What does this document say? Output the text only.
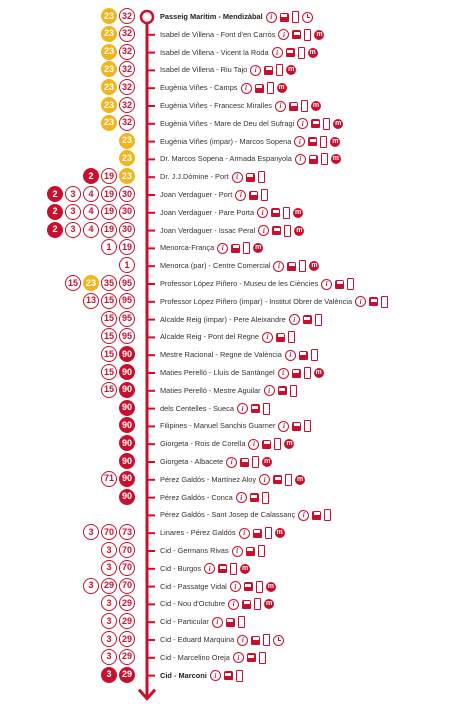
23 32	Passeig Marítim - Mendizàbal	i
23 32	Isabel de Villena - Font d'en Carròs	i	m
23 32	Isabel de Villena - Vicent la Roda	i	m
23 32	Isabel de Villena - Riu Tajo	i	m
23 32	Eugènia Viñes - Camps	i	m
23 32	Eugènia Viñes - Francesc Miralles	i	m
23 32	Eugènia Viñes - Mare de Deu del Sufragi	i	m
23	Eugènia Viñes (impar) - Marcos Sopena	i	m
23	Dr. Marcos Sopena - Armada Espanyola	i	m
2	19 23	Dr. J.J.Dòmine - Port	i
2	3	4	19 30	Joan Verdaguer - Port	i
2	3	4	19 30	Joan Verdaguer - Pare Porta	i	m
2	3	4	19 30	Joan Verdaguer - Issac Peral	i	m
1	19	Menorca-França	i	m
1	Menorca (par) - Centre Comercial	i	m
15 23 35 95	Professor López Piñero - Museu de les Ciències	i
13 15 95	Professor López Piñero (impar) - Institut Obrer de València	i
15 95	Alcalde Reig (impar) - Pere Aleixandre	i
15 95	Alcalde Reig - Pont del Regne	i
15 90	Mestre Racional - Regne de València	i
15 90	Maties Perelló - Lluís de Santàngel	i	m
15 90	Maties Perelló - Mestre Aguilar	i
90	dels Centelles - Sueca	i
90	Filipines - Manuel Sanchis Guarner	i
90	Giorgeta - Rois de Corella	i	m
90	Giorgeta - Albacete	i	m
71 90	Pérez Galdós - Martínez Aloy	i	m
90	Pérez Galdós - Conca	i
Pérez Galdós - Sant Josep de Calassanç	i
3	70 73	Linares - Pérez Galdós	i	m
3	70	Cid - Germans Rivas	i
3	70	Cid - Burgos	i	m
3	29 70	Cid - Passatge Vidal	i	m
3	29	Cid - Nou d'Octubre	i	m
3	29	Cid - Particular	i
3	29	Cid - Eduard Marquina	i
3	29	Cid - Marcelino Oreja	i
3	29	Cid - Marconi	i
